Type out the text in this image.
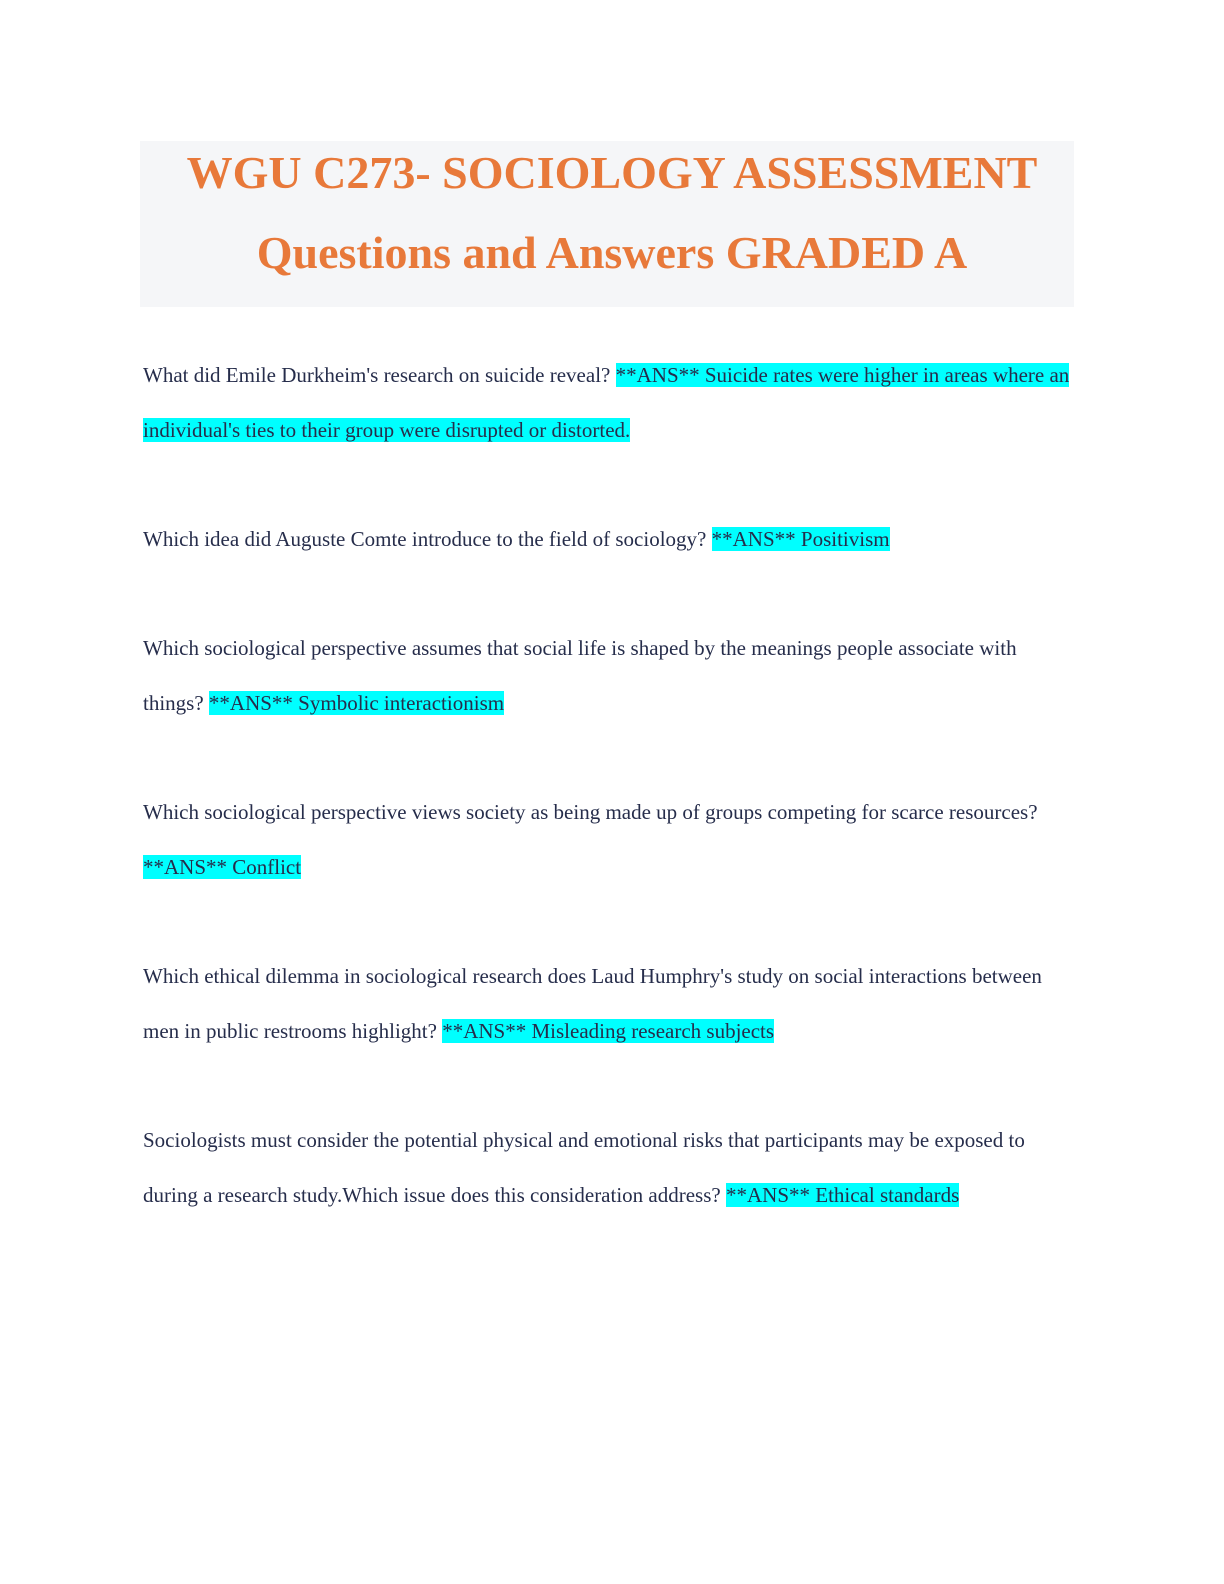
WGU C273- SOCIOLOGY ASSESSMENT
Questions and Answers GRADED A
What did Emile Durkheim's research on suicide reveal? **ANS** Suicide rates were higher in areas where an individual's ties to their group were disrupted or distorted.
Which idea did Auguste Comte introduce to the field of sociology? **ANS** Positivism
Which sociological perspective assumes that social life is shaped by the meanings people associate with things? **ANS** Symbolic interactionism
Which sociological perspective views society as being made up of groups competing for scarce resources? **ANS** Conflict
Which ethical dilemma in sociological research does Laud Humphry's study on social interactions between men in public restrooms highlight? **ANS** Misleading research subjects
Sociologists must consider the potential physical and emotional risks that participants may be exposed to during a research study.Which issue does this consideration address? **ANS** Ethical standards
